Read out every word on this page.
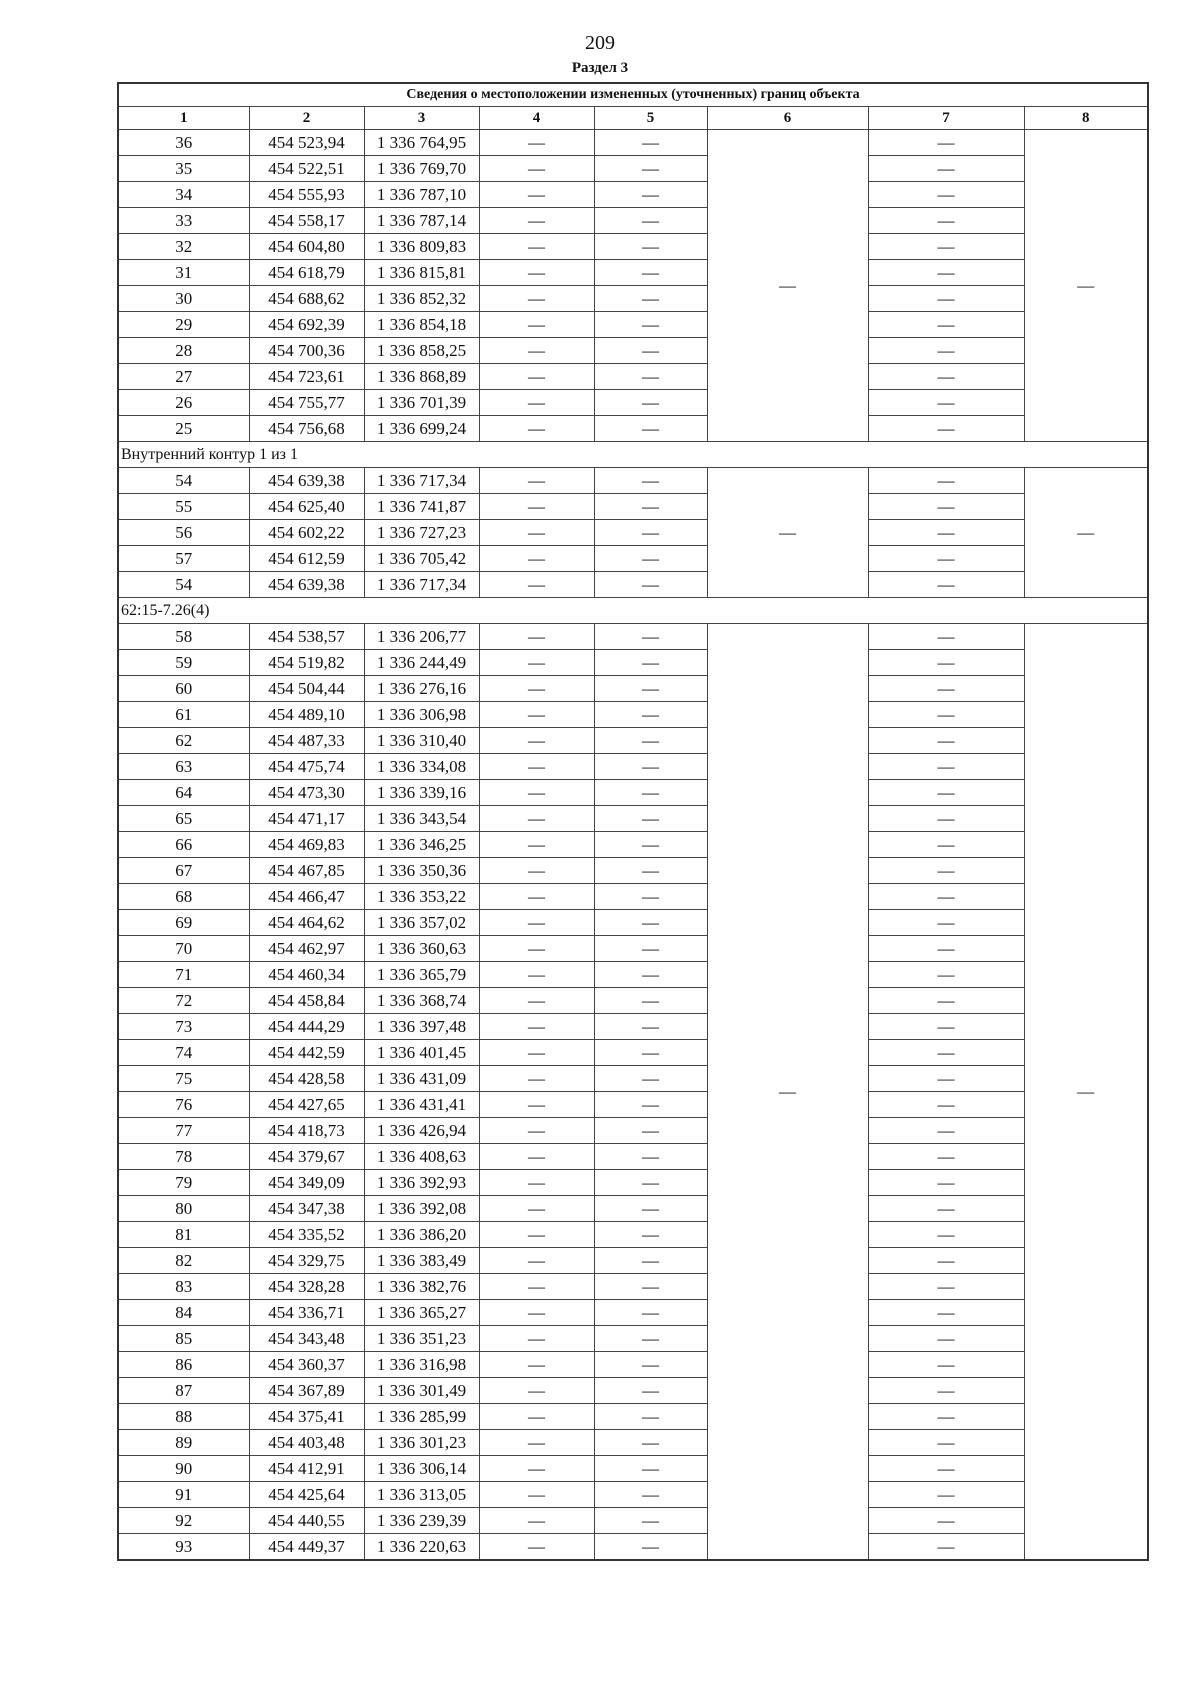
209
Раздел 3
Сведения о местоположении измененных (уточненных) границ объекта							
1	2	3	4	5	6	7	8
36	454 523,94	1 336 764,95	—	—	—	—	—
35	454 522,51	1 336 769,70	—	—		—	
34	454 555,93	1 336 787,10	—	—		—	
33	454 558,17	1 336 787,14	—	—		—	
32	454 604,80	1 336 809,83	—	—		—	
31	454 618,79	1 336 815,81	—	—		—	
30	454 688,62	1 336 852,32	—	—		—	
29	454 692,39	1 336 854,18	—	—		—	
28	454 700,36	1 336 858,25	—	—		—	
27	454 723,61	1 336 868,89	—	—		—	
26	454 755,77	1 336 701,39	—	—		—	
25	454 756,68	1 336 699,24	—	—		—	
Внутренний контур 1 из 1							
54	454 639,38	1 336 717,34	—	—	—	—	—
55	454 625,40	1 336 741,87	—	—		—	
56	454 602,22	1 336 727,23	—	—		—	
57	454 612,59	1 336 705,42	—	—		—	
54	454 639,38	1 336 717,34	—	—		—	
62:15-7.26(4)							
58	454 538,57	1 336 206,77	—	—	—	—	—
59	454 519,82	1 336 244,49	—	—		—	
60	454 504,44	1 336 276,16	—	—		—	
61	454 489,10	1 336 306,98	—	—		—	
62	454 487,33	1 336 310,40	—	—		—	
63	454 475,74	1 336 334,08	—	—		—	
64	454 473,30	1 336 339,16	—	—		—	
65	454 471,17	1 336 343,54	—	—		—	
66	454 469,83	1 336 346,25	—	—		—	
67	454 467,85	1 336 350,36	—	—		—	
68	454 466,47	1 336 353,22	—	—		—	
69	454 464,62	1 336 357,02	—	—		—	
70	454 462,97	1 336 360,63	—	—		—	
71	454 460,34	1 336 365,79	—	—		—	
72	454 458,84	1 336 368,74	—	—		—	
73	454 444,29	1 336 397,48	—	—		—	
74	454 442,59	1 336 401,45	—	—		—	
75	454 428,58	1 336 431,09	—	—		—	
76	454 427,65	1 336 431,41	—	—		—	
77	454 418,73	1 336 426,94	—	—		—	
78	454 379,67	1 336 408,63	—	—		—	
79	454 349,09	1 336 392,93	—	—		—	
80	454 347,38	1 336 392,08	—	—		—	
81	454 335,52	1 336 386,20	—	—		—	
82	454 329,75	1 336 383,49	—	—		—	
83	454 328,28	1 336 382,76	—	—		—	
84	454 336,71	1 336 365,27	—	—		—	
85	454 343,48	1 336 351,23	—	—		—	
86	454 360,37	1 336 316,98	—	—		—	
87	454 367,89	1 336 301,49	—	—		—	
88	454 375,41	1 336 285,99	—	—		—	
89	454 403,48	1 336 301,23	—	—		—	
90	454 412,91	1 336 306,14	—	—		—	
91	454 425,64	1 336 313,05	—	—		—	
92	454 440,55	1 336 239,39	—	—		—	
93	454 449,37	1 336 220,63	—	—		—	
